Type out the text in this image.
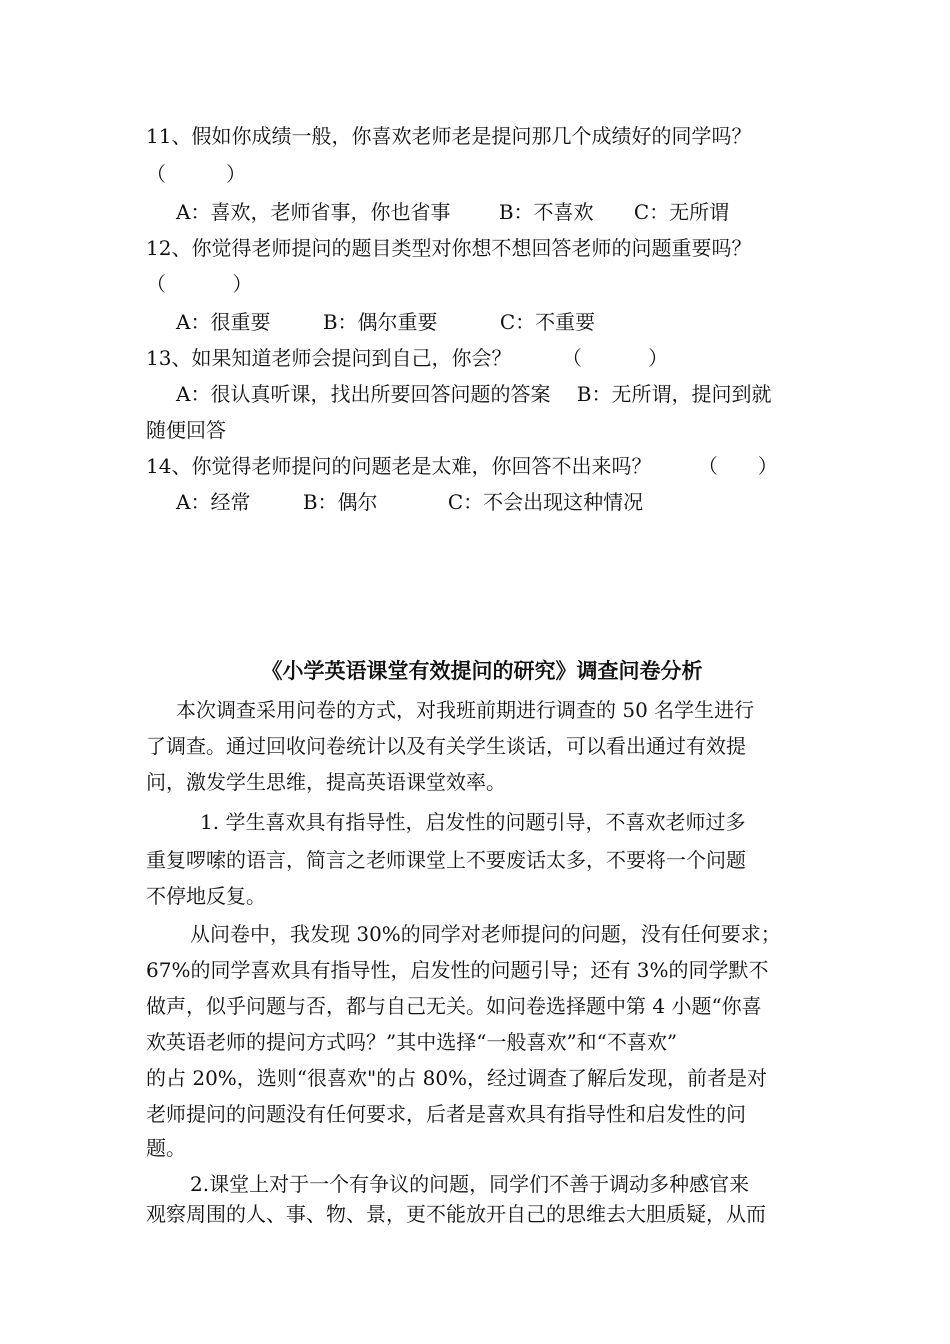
11、假如你成绩一般，你喜欢老师老是提问那几个成绩好的同学吗？
（　　　）
A：喜欢，老师省事，你也省事 B：不喜欢 C：无所谓
12、你觉得老师提问的题目类型对你想不想回答老师的问题重要吗？
（　　　 ）
A：很重要	B：偶尔重要	C：不重要
13、如果知道老师会提问到自己，你会？	（　　　 ）
A：很认真听课，找出所要回答问题的答案　 B：无所谓，提问到就
随便回答
14、你觉得老师提问的问题老是太难，你回答不出来吗？ （　　）
A：经常	B：偶尔	C：不会出现这种情况
《小学英语课堂有效提问的研究》调查问卷分析
本次调查采用问卷的方式，对我班前期进行调查的 50 名学生进行
了调查。通过回收问卷统计以及有关学生谈话，可以看出通过有效提
问，激发学生思维，提高英语课堂效率。
1. 学生喜欢具有指导性，启发性的问题引导，不喜欢老师过多
重复啰嗦的语言，简言之老师课堂上不要废话太多，不要将一个问题
不停地反复。
从问卷中，我发现 30%的同学对老师提问的问题，没有任何要求；
67%的同学喜欢具有指导性，启发性的问题引导；还有 3%的同学默不
做声，似乎问题与否，都与自己无关。如问卷选择题中第 4 小题“你喜
欢英语老师的提问方式吗？”其中选择“一般喜欢”和“不喜欢”
的占 20%，选则“很喜欢"的占 80%，经过调查了解后发现，前者是对
老师提问的问题没有任何要求，后者是喜欢具有指导性和启发性的问
题。
2.课堂上对于一个有争议的问题，同学们不善于调动多种感官来
观察周围的人、事、物、景，更不能放开自己的思维去大胆质疑，从而
